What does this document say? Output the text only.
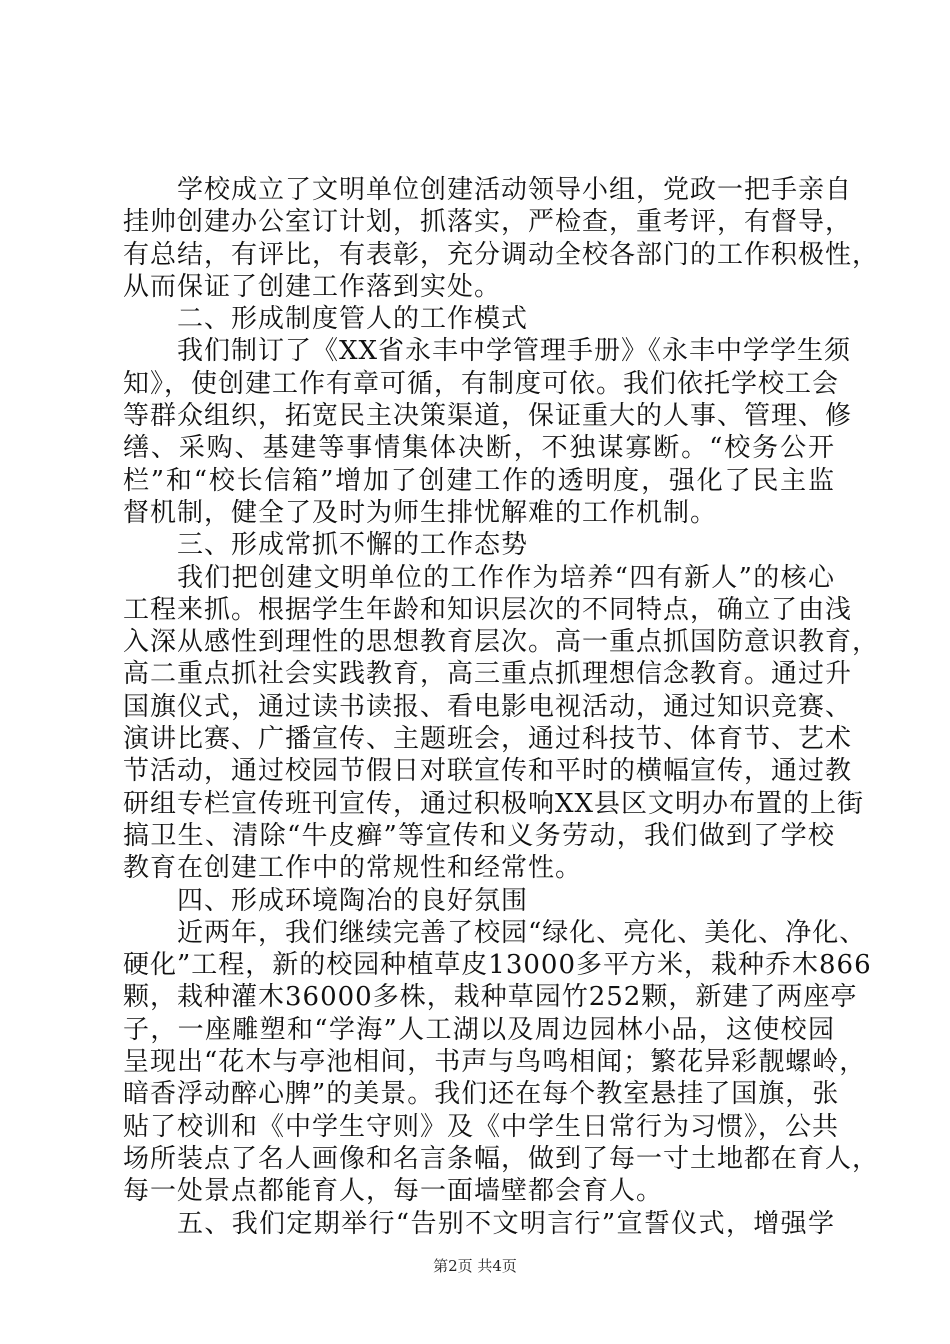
学校成立了文明单位创建活动领导小组，党政一把手亲自
挂帅创建办公室订计划，抓落实，严检查，重考评，有督导，
有总结，有评比，有表彰，充分调动全校各部门的工作积极性，
从而保证了创建工作落到实处。
二、形成制度管人的工作模式
我们制订了《XX省永丰中学管理手册》《永丰中学学生须
知》，使创建工作有章可循，有制度可依。我们依托学校工会
等群众组织，拓宽民主决策渠道，保证重大的人事、管理、修
缮、采购、基建等事情集体决断，不独谋寡断。“校务公开
栏”和“校长信箱”增加了创建工作的透明度，强化了民主监
督机制，健全了及时为师生排忧解难的工作机制。
三、形成常抓不懈的工作态势
我们把创建文明单位的工作作为培养“四有新人”的核心
工程来抓。根据学生年龄和知识层次的不同特点，确立了由浅
入深从感性到理性的思想教育层次。高一重点抓国防意识教育，
高二重点抓社会实践教育，高三重点抓理想信念教育。通过升
国旗仪式，通过读书读报、看电影电视活动，通过知识竞赛、
演讲比赛、广播宣传、主题班会，通过科技节、体育节、艺术
节活动，通过校园节假日对联宣传和平时的横幅宣传，通过教
研组专栏宣传班刊宣传，通过积极响XX县区文明办布置的上街
搞卫生、清除“牛皮癣”等宣传和义务劳动，我们做到了学校
教育在创建工作中的常规性和经常性。
四、形成环境陶冶的良好氛围
近两年，我们继续完善了校园“绿化、亮化、美化、净化、
硬化”工程，新的校园种植草皮13000多平方米，栽种乔木866
颗，栽种灌木36000多株，栽种草园竹252颗，新建了两座亭
子，一座雕塑和“学海”人工湖以及周边园林小品，这使校园
呈现出“花木与亭池相间，书声与鸟鸣相闻；繁花异彩靓螺岭，
暗香浮动醉心脾”的美景。我们还在每个教室悬挂了国旗，张
贴了校训和《中学生守则》及《中学生日常行为习惯》，公共
场所装点了名人画像和名言条幅，做到了每一寸土地都在育人，
每一处景点都能育人，每一面墙壁都会育人。
五、我们定期举行“告别不文明言行”宣誓仪式，增强学
第2页 共4页
